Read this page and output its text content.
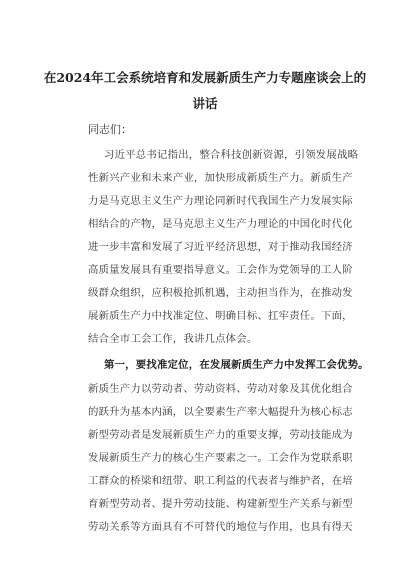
在2024年工会系统培育和发展新质生产力专题座谈会上的
讲话
同志们：
习近平总书记指出，整合科技创新资源，引领发展战略
性新兴产业和未来产业，加快形成新质生产力。新质生产
力是马克思主义生产力理论同新时代我国生产力发展实际
相结合的产物，是马克思主义生产力理论的中国化时代化
进一步丰富和发展了习近平经济思想，对于推动我国经济
高质量发展具有重要指导意义。工会作为党领导的工人阶
级群众组织，应积极抢抓机遇，主动担当作为，在推动发
展新质生产力中找准定位、明确目标、扛牢责任。下面，
结合全市工会工作，我讲几点体会。
第一，要找准定位，在发展新质生产力中发挥工会优势。
新质生产力以劳动者、劳动资料、劳动对象及其优化组合
的跃升为基本内涵，以全要素生产率大幅提升为核心标志
新型劳动者是发展新质生产力的重要支撑，劳动技能成为
发展新质生产力的核心生产要素之一。工会作为党联系职
工群众的桥梁和纽带、职工利益的代表者与维护者，在培
育新型劳动者、提升劳动技能、构建新型生产关系与新型
劳动关系等方面具有不可替代的地位与作用，也具有得天
